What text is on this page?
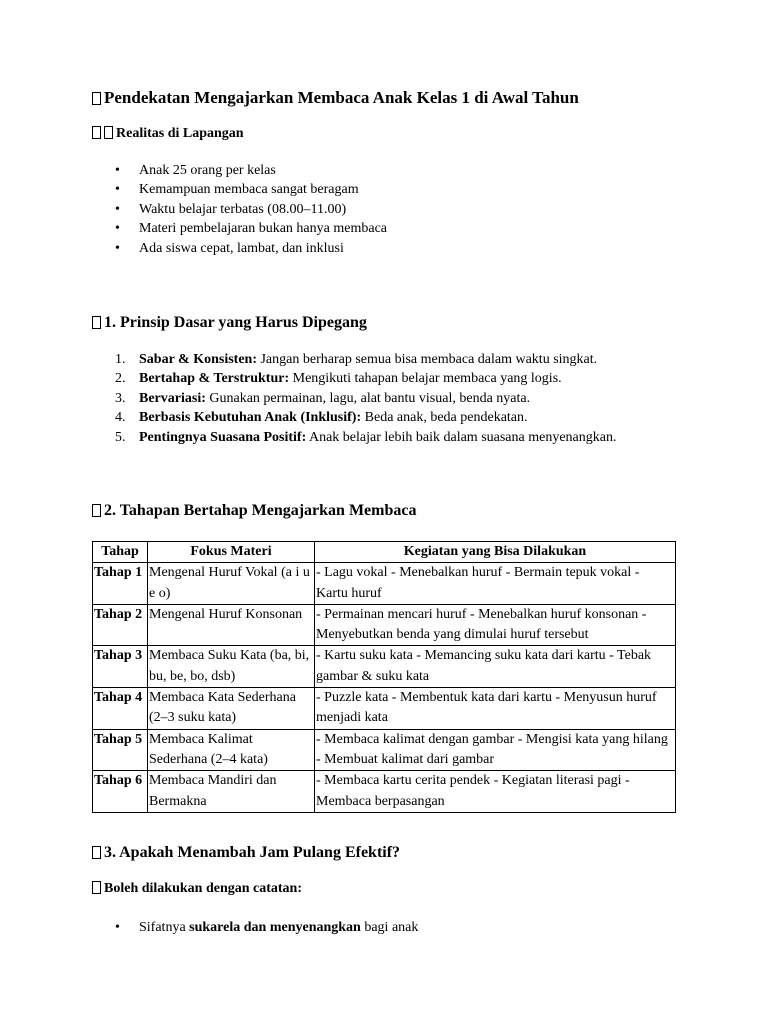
Pendekatan Mengajarkan Membaca Anak Kelas 1 di Awal Tahun
Realitas di Lapangan
• Anak 25 orang per kelas
• Kemampuan membaca sangat beragam
• Waktu belajar terbatas (08.00–11.00)
• Materi pembelajaran bukan hanya membaca
• Ada siswa cepat, lambat, dan inklusi
1. Prinsip Dasar yang Harus Dipegang
1. Sabar & Konsisten: Jangan berharap semua bisa membaca dalam waktu singkat.
2. Bertahap & Terstruktur: Mengikuti tahapan belajar membaca yang logis.
3. Bervariasi: Gunakan permainan, lagu, alat bantu visual, benda nyata.
4. Berbasis Kebutuhan Anak (Inklusif): Beda anak, beda pendekatan.
5. Pentingnya Suasana Positif: Anak belajar lebih baik dalam suasana menyenangkan.
2. Tahapan Bertahap Mengajarkan Membaca
Tahap	Fokus Materi	Kegiatan yang Bisa Dilakukan
Tahap 1	Mengenal Huruf Vokal (a i u e o)	- Lagu vokal - Menebalkan huruf - Bermain tepuk vokal - Kartu huruf
Tahap 2	Mengenal Huruf Konsonan	- Permainan mencari huruf - Menebalkan huruf konsonan - Menyebutkan benda yang dimulai huruf tersebut
Tahap 3	Membaca Suku Kata (ba, bi, bu, be, bo, dsb)	- Kartu suku kata - Memancing suku kata dari kartu - Tebak gambar & suku kata
Tahap 4	Membaca Kata Sederhana (2–3 suku kata)	- Puzzle kata - Membentuk kata dari kartu - Menyusun huruf menjadi kata
Tahap 5	Membaca Kalimat Sederhana (2–4 kata)	- Membaca kalimat dengan gambar - Mengisi kata yang hilang - Membuat kalimat dari gambar
Tahap 6	Membaca Mandiri dan Bermakna	- Membaca kartu cerita pendek - Kegiatan literasi pagi - Membaca berpasangan
3. Apakah Menambah Jam Pulang Efektif?
Boleh dilakukan dengan catatan:
• Sifatnya sukarela dan menyenangkan bagi anak
